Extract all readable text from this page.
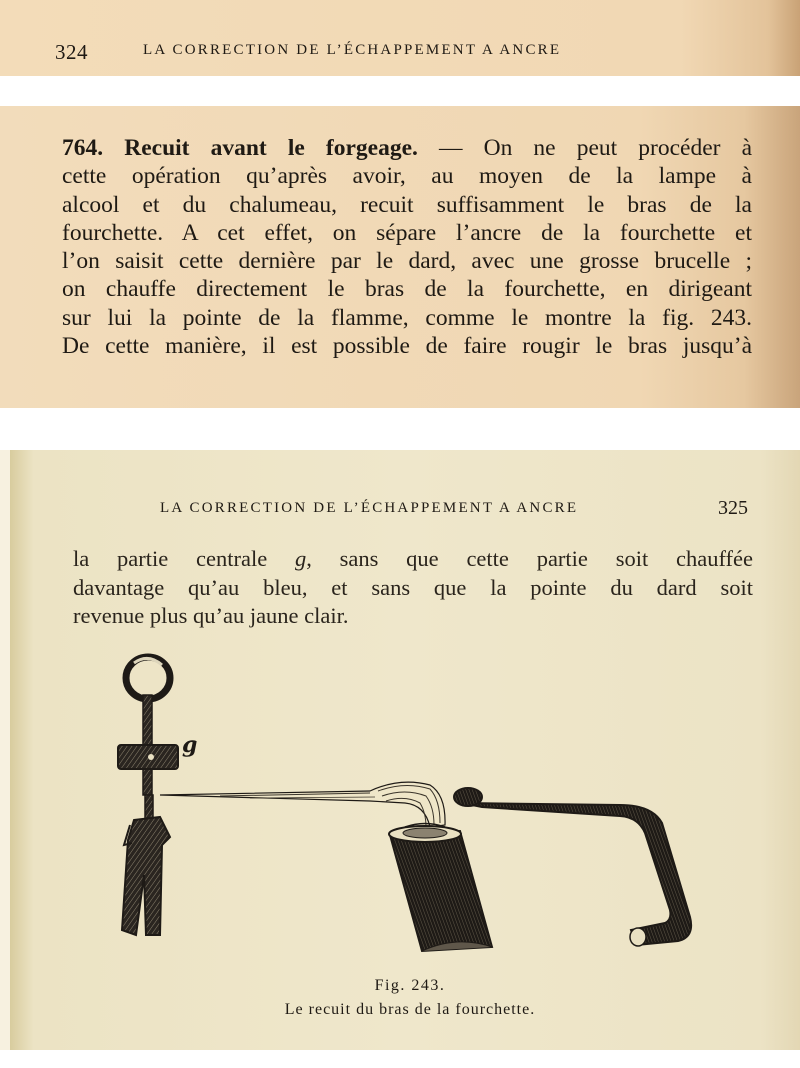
324	LA CORRECTION DE L’ÉCHAPPEMENT A ANCRE
764. Recuit avant le forgeage. — On ne peut procéder à
cette opération qu’après avoir, au moyen de la lampe à
alcool et du chalumeau, recuit suffisamment le bras de la
fourchette. A cet effet, on sépare l’ancre de la fourchette et
l’on saisit cette dernière par le dard, avec une grosse brucelle ;
on chauffe directement le bras de la fourchette, en dirigeant
sur lui la pointe de la flamme, comme le montre la fig. 243.
De cette manière, il est possible de faire rougir le bras jusqu’à
LA CORRECTION DE L’ÉCHAPPEMENT A ANCRE	325
la partie centrale g, sans que cette partie soit chauffée
davantage qu’au bleu, et sans que la pointe du dard soit
revenue plus qu’au jaune clair.
g
Fig. 243.
Le recuit du bras de la fourchette.
